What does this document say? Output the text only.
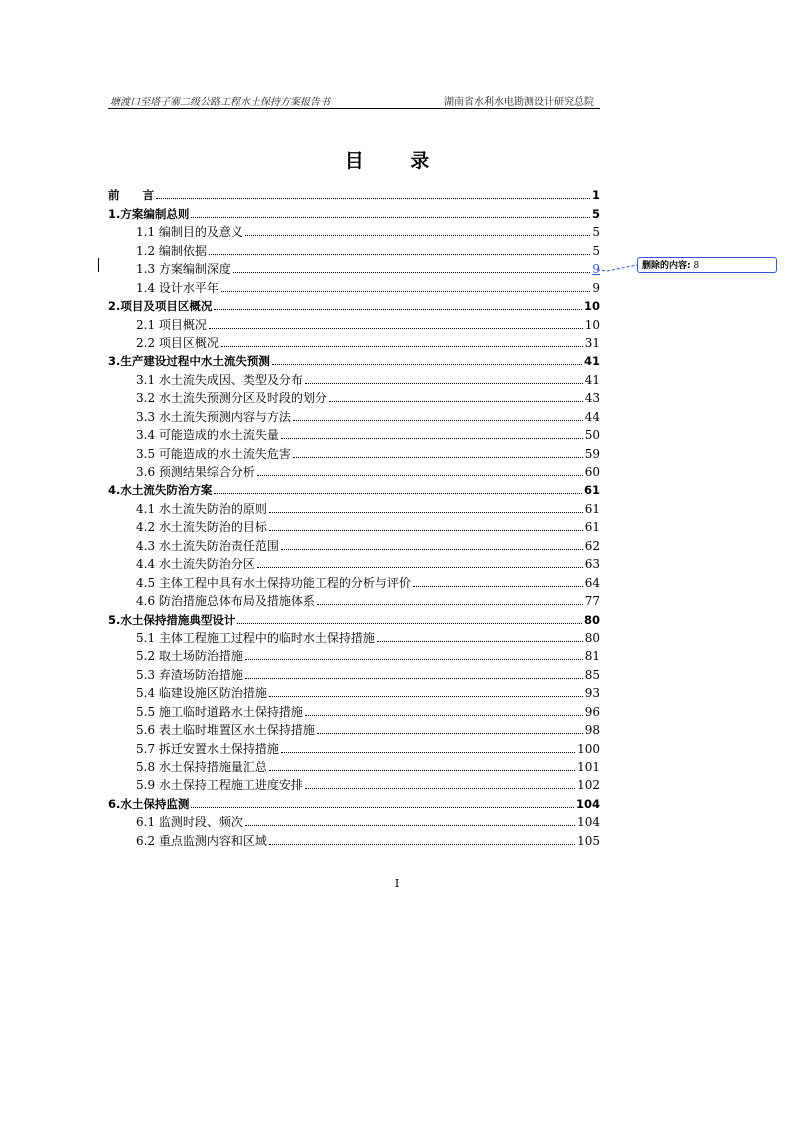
塘渡口至塔子寨二级公路工程水土保持方案报告书	湖南省水利水电勘测设计研究总院
目 录
前　　言	1
1.方案编制总则	5
1.1 编制目的及意义	5
1.2 编制依据	5
1.3 方案编制深度	9
1.4 设计水平年	9
2.项目及项目区概况	10
2.1 项目概况	10
2.2 项目区概况	31
3.生产建设过程中水土流失预测	41
3.1 水土流失成因、类型及分布	41
3.2 水土流失预测分区及时段的划分	43
3.3 水土流失预测内容与方法	44
3.4 可能造成的水土流失量	50
3.5 可能造成的水土流失危害	59
3.6 预测结果综合分析	60
4.水土流失防治方案	61
4.1 水土流失防治的原则	61
4.2 水土流失防治的目标	61
4.3 水土流失防治责任范围	62
4.4 水土流失防治分区	63
4.5 主体工程中具有水土保持功能工程的分析与评价	64
4.6 防治措施总体布局及措施体系	77
5.水土保持措施典型设计	80
5.1 主体工程施工过程中的临时水土保持措施	80
5.2 取土场防治措施	81
5.3 弃渣场防治措施	85
5.4 临建设施区防治措施	93
5.5 施工临时道路水土保持措施	96
5.6 表土临时堆置区水土保持措施	98
5.7 拆迁安置水土保持措施	100
5.8 水土保持措施量汇总	101
5.9 水土保持工程施工进度安排	102
6.水土保持监测	104
6.1 监测时段、频次	104
6.2 重点监测内容和区域	105
删除的内容: 8
I
